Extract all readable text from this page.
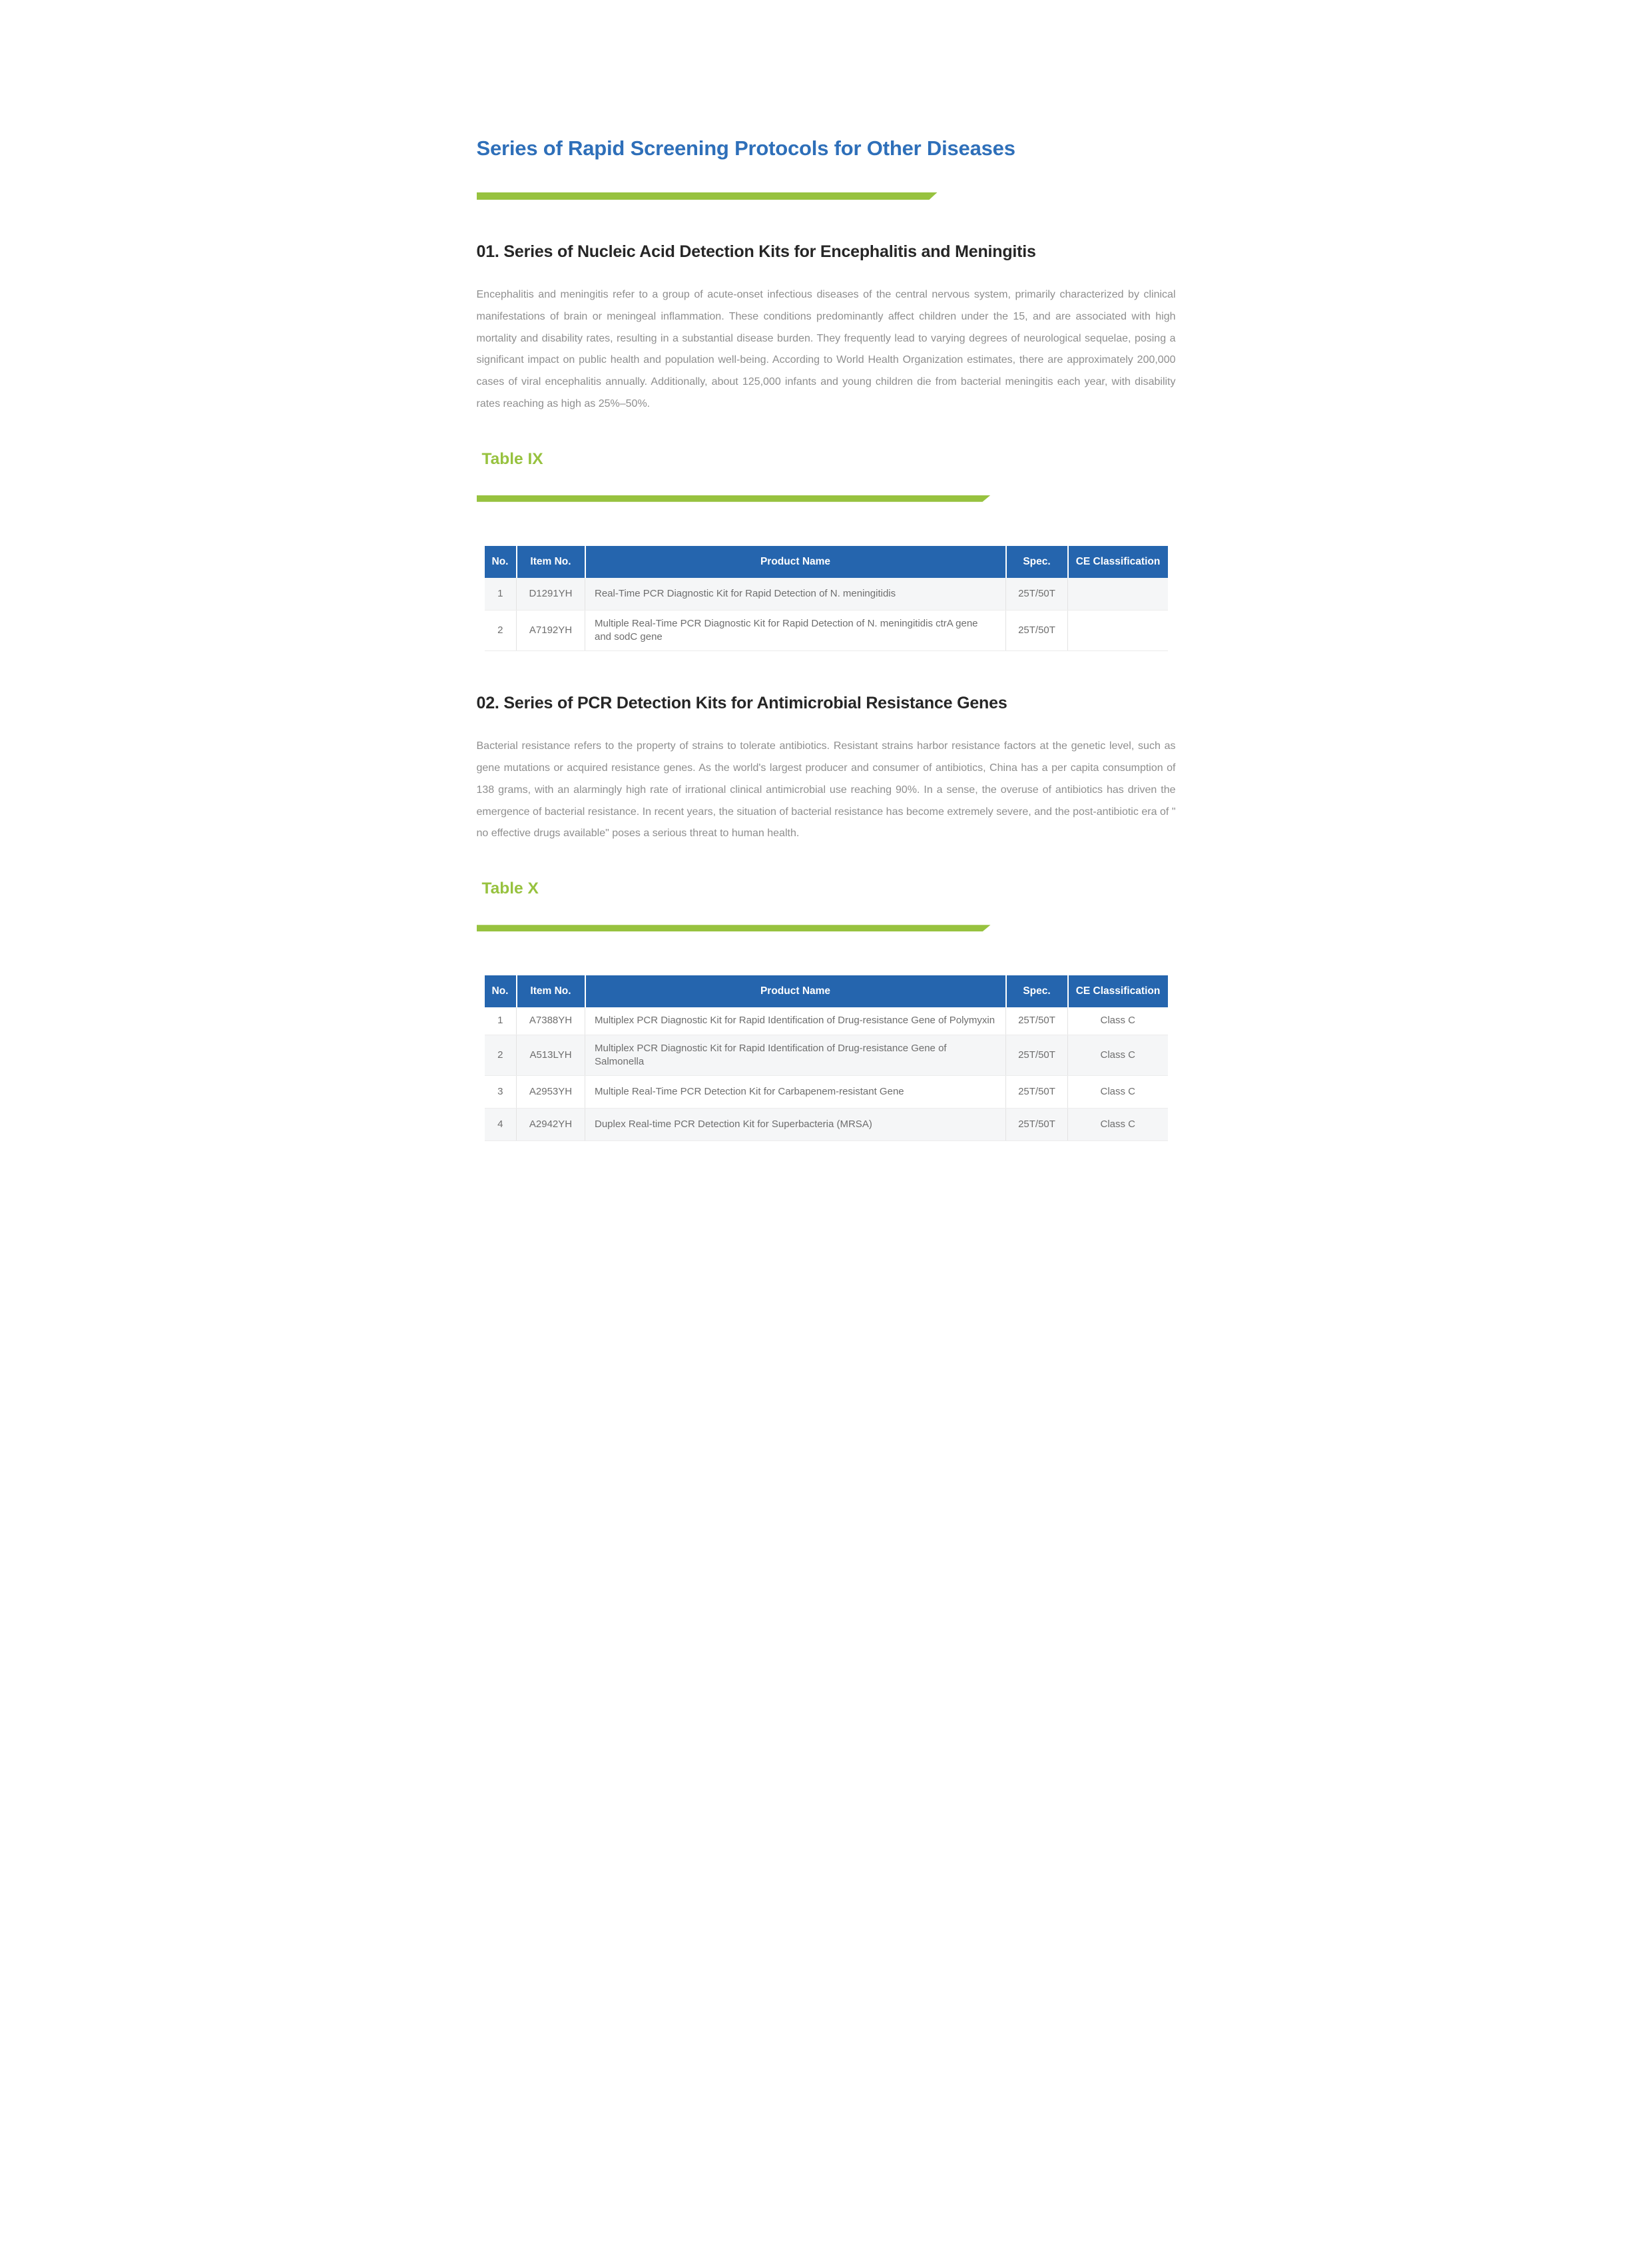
Series of Rapid Screening Protocols for Other Diseases
01. Series of Nucleic Acid Detection Kits for Encephalitis and Meningitis

Encephalitis and meningitis refer to a group of acute-onset infectious diseases of the central nervous system, primarily characterized by clinical manifestations of brain or meningeal inflammation. These conditions predominantly affect children under the 15, and are associated with high mortality and disability rates, resulting in a substantial disease burden. They frequently lead to varying degrees of neurological sequelae, posing a significant impact on public health and population well-being. According to World Health Organization estimates, there are approximately 200,000 cases of viral encephalitis annually. Additionally, about 125,000 infants and young children die from bacterial meningitis each year, with disability rates reaching as high as 25%–50%.

Table IX
No.	Item No.	Product Name	Spec.	CE Classification
1	D1291YH	Real-Time PCR Diagnostic Kit for Rapid Detection of N. meningitidis	25T/50T	
2	A7192YH	Multiple Real-Time PCR Diagnostic Kit for Rapid Detection of N. meningitidis ctrA gene and sodC gene	25T/50T	
02. Series of PCR Detection Kits for Antimicrobial Resistance Genes

Bacterial resistance refers to the property of strains to tolerate antibiotics. Resistant strains harbor resistance factors at the genetic level, such as gene mutations or acquired resistance genes. As the world's largest producer and consumer of antibiotics, China has a per capita consumption of 138 grams, with an alarmingly high rate of irrational clinical antimicrobial use reaching 90%. In a sense, the overuse of antibiotics has driven the emergence of bacterial resistance. In recent years, the situation of bacterial resistance has become extremely severe, and the post-antibiotic era of " no effective drugs available" poses a serious threat to human health.

Table X
No.	Item No.	Product Name	Spec.	CE Classification
1	A7388YH	Multiplex PCR Diagnostic Kit for Rapid Identification of Drug-resistance Gene of Polymyxin	25T/50T	Class C
2	A513LYH	Multiplex PCR Diagnostic Kit for Rapid Identification of Drug-resistance Gene of Salmonella	25T/50T	Class C
3	A2953YH	Multiple Real-Time PCR Detection Kit for Carbapenem-resistant Gene	25T/50T	Class C
4	A2942YH	Duplex Real-time PCR Detection Kit for Superbacteria (MRSA)	25T/50T	Class C
